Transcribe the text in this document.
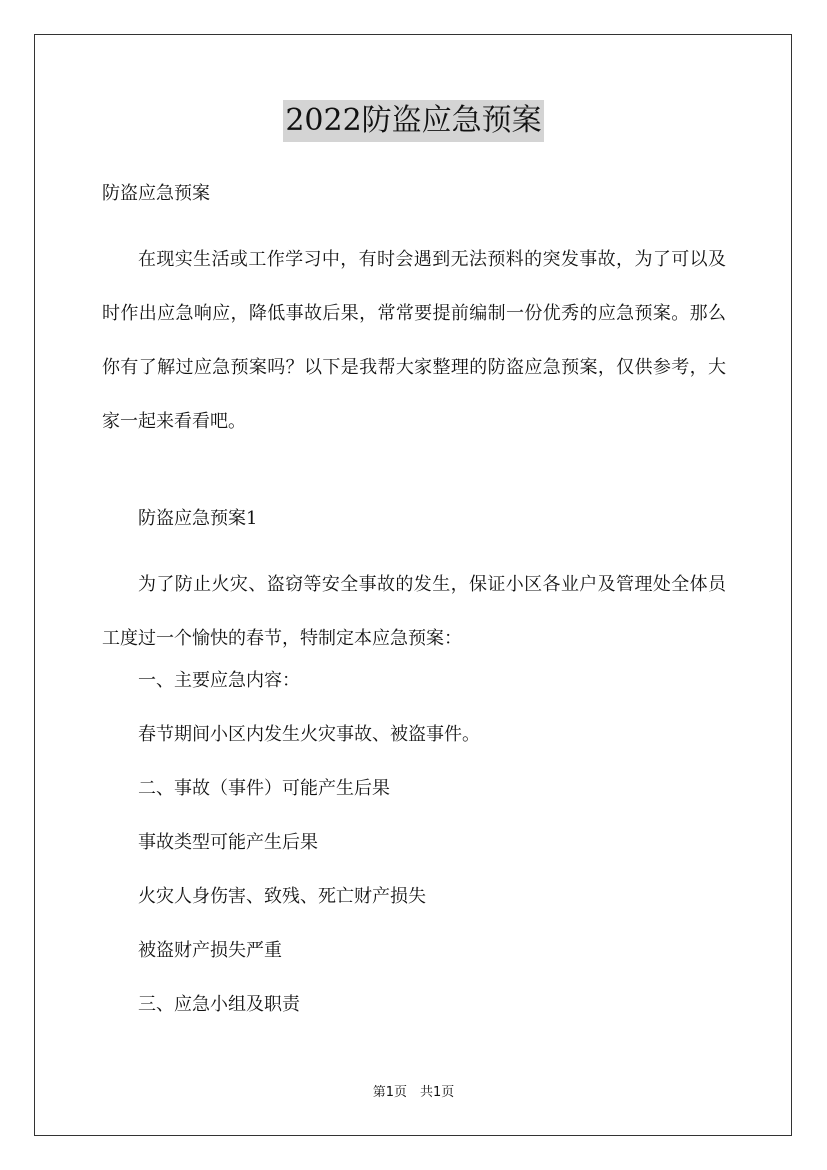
2022防盗应急预案
防盗应急预案

在现实生活或工作学习中，有时会遇到无法预料的突发事故，为了可以及时作出应急响应，降低事故后果，常常要提前编制一份优秀的应急预案。那么你有了解过应急预案吗？以下是我帮大家整理的防盗应急预案，仅供参考，大家一起来看看吧。

防盗应急预案1

为了防止火灾、盗窃等安全事故的发生，保证小区各业户及管理处全体员工度过一个愉快的春节，特制定本应急预案：

一、主要应急内容：

春节期间小区内发生火灾事故、被盗事件。

二、事故（事件）可能产生后果

事故类型可能产生后果

火灾人身伤害、致残、死亡财产损失

被盗财产损失严重

三、应急小组及职责

第1页　共1页
